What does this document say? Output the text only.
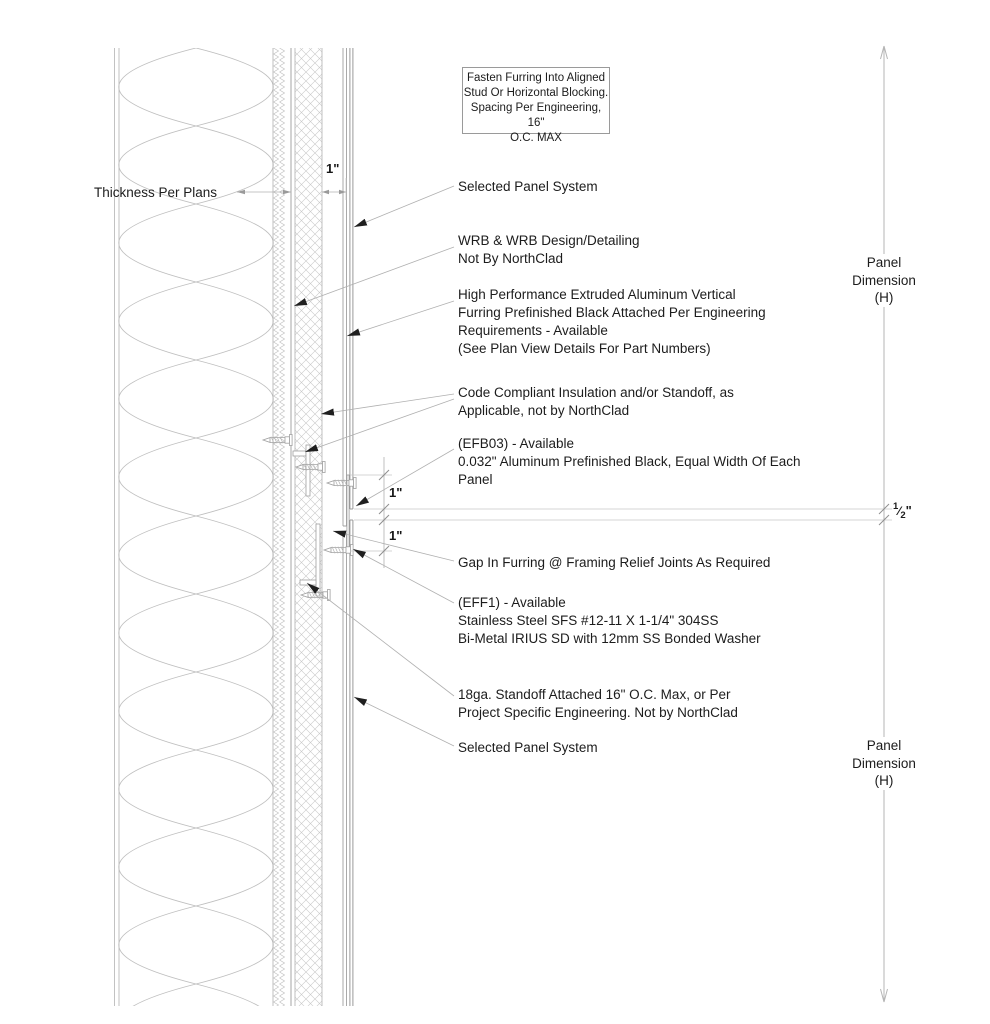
Fasten Furring Into Aligned
Stud Or Horizontal Blocking.
Spacing Per Engineering, 16"
O.C. MAX
Thickness Per Plans	Selected Panel System
WRB & WRB Design/Detailing
Not By NorthClad
High Performance Extruded Aluminum Vertical
Furring Prefinished Black Attached Per Engineering
Requirements - Available
(See Plan View Details For Part Numbers)
Code Compliant Insulation and/or Standoff, as
Applicable, not by NorthClad
(EFB03) - Available
0.032" Aluminum Prefinished Black, Equal Width Of Each
Panel
Gap In Furring @ Framing Relief Joints As Required
(EFF1) - Available
Stainless Steel SFS #12-11 X 1-1/4" 304SS
Bi-Metal IRIUS SD with 12mm SS Bonded Washer
18ga. Standoff Attached 16" O.C. Max, or Per
Project Specific Engineering. Not by NorthClad
Selected Panel System
1"
1"
1"
$^1⁄_2$"
Panel
Dimension
(H)
Panel
Dimension
(H)
